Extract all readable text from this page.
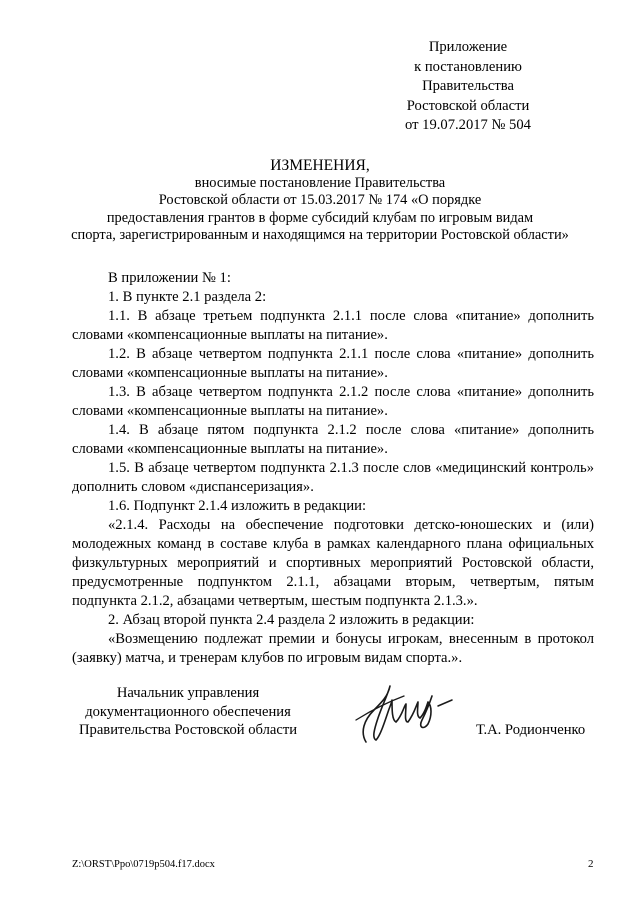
Приложение
к постановлению
Правительства
Ростовской области
от 19.07.2017 № 504
ИЗМЕНЕНИЯ,
вносимые постановление Правительства
Ростовской области от 15.03.2017 № 174 «О порядке
предоставления грантов в форме субсидий клубам по игровым видам
спорта, зарегистрированным и находящимся на территории Ростовской области»

В приложении № 1:

1. В пункте 2.1 раздела 2:

1.1. В абзаце третьем подпункта 2.1.1 после слова «питание» дополнить словами «компенсационные выплаты на питание».

1.2. В абзаце четвертом подпункта 2.1.1 после слова «питание» дополнить словами «компенсационные выплаты на питание».

1.3. В абзаце четвертом подпункта 2.1.2 после слова «питание» дополнить словами «компенсационные выплаты на питание».

1.4. В абзаце пятом подпункта 2.1.2 после слова «питание» дополнить словами «компенсационные выплаты на питание».

1.5. В абзаце четвертом подпункта 2.1.3 после слов «медицинский контроль» дополнить словом «диспансеризация».

1.6. Подпункт 2.1.4 изложить в редакции:

«2.1.4. Расходы на обеспечение подготовки детско-юношеских и (или) молодежных команд в составе клуба в рамках календарного плана официальных физкультурных мероприятий и спортивных мероприятий Ростовской области, предусмотренные подпунктом 2.1.1, абзацами вторым, четвертым, пятым подпункта 2.1.2, абзацами четвертым, шестым подпункта 2.1.3.».

2. Абзац второй пункта 2.4 раздела 2 изложить в редакции:

«Возмещению подлежат премии и бонусы игрокам, внесенным в протокол (заявку) матча, и тренерам клубов по игровым видам спорта.».

Начальник управления
документационного обеспечения
Правительства Ростовской области	Т.А. Родионченко
Z:\ORST\Ppo\0719p504.f17.docx	2
